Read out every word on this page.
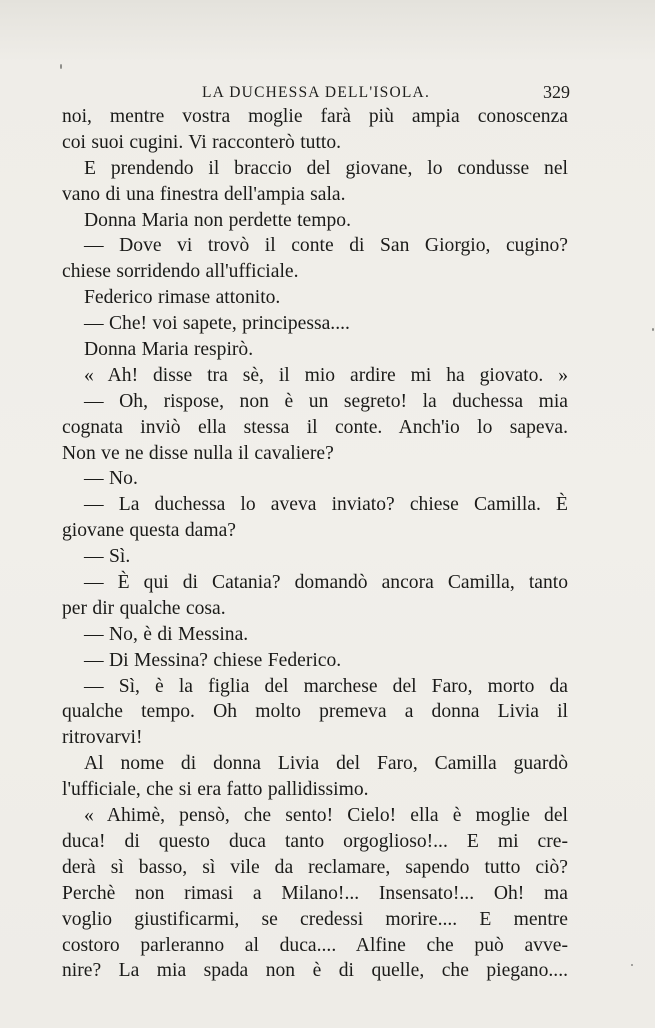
LA DUCHESSA DELL'ISOLA.	329
noi, mentre vostra moglie farà più ampia conoscenza
coi suoi cugini. Vi racconterò tutto.
E prendendo il braccio del giovane, lo condusse nel
vano di una finestra dell'ampia sala.
Donna Maria non perdette tempo.
— Dove vi trovò il conte di San Giorgio, cugino?
chiese sorridendo all'ufficiale.
Federico rimase attonito.
— Che! voi sapete, principessa....
Donna Maria respirò.
« Ah! disse tra sè, il mio ardire mi ha giovato. »
— Oh, rispose, non è un segreto! la duchessa mia
cognata inviò ella stessa il conte. Anch'io lo sapeva.
Non ve ne disse nulla il cavaliere?
— No.
— La duchessa lo aveva inviato? chiese Camilla. È
giovane questa dama?
— Sì.
— È qui di Catania? domandò ancora Camilla, tanto
per dir qualche cosa.
— No, è di Messina.
— Di Messina? chiese Federico.
— Sì, è la figlia del marchese del Faro, morto da
qualche tempo. Oh molto premeva a donna Livia il
ritrovarvi!
Al nome di donna Livia del Faro, Camilla guardò
l'ufficiale, che si era fatto pallidissimo.
« Ahimè, pensò, che sento! Cielo! ella è moglie del
duca! di questo duca tanto orgoglioso!... E mi cre-
derà sì basso, sì vile da reclamare, sapendo tutto ciò?
Perchè non rimasi a Milano!... Insensato!... Oh! ma
voglio giustificarmi, se credessi morire.... E mentre
costoro parleranno al duca.... Alfine che può avve-
nire? La mia spada non è di quelle, che piegano....
